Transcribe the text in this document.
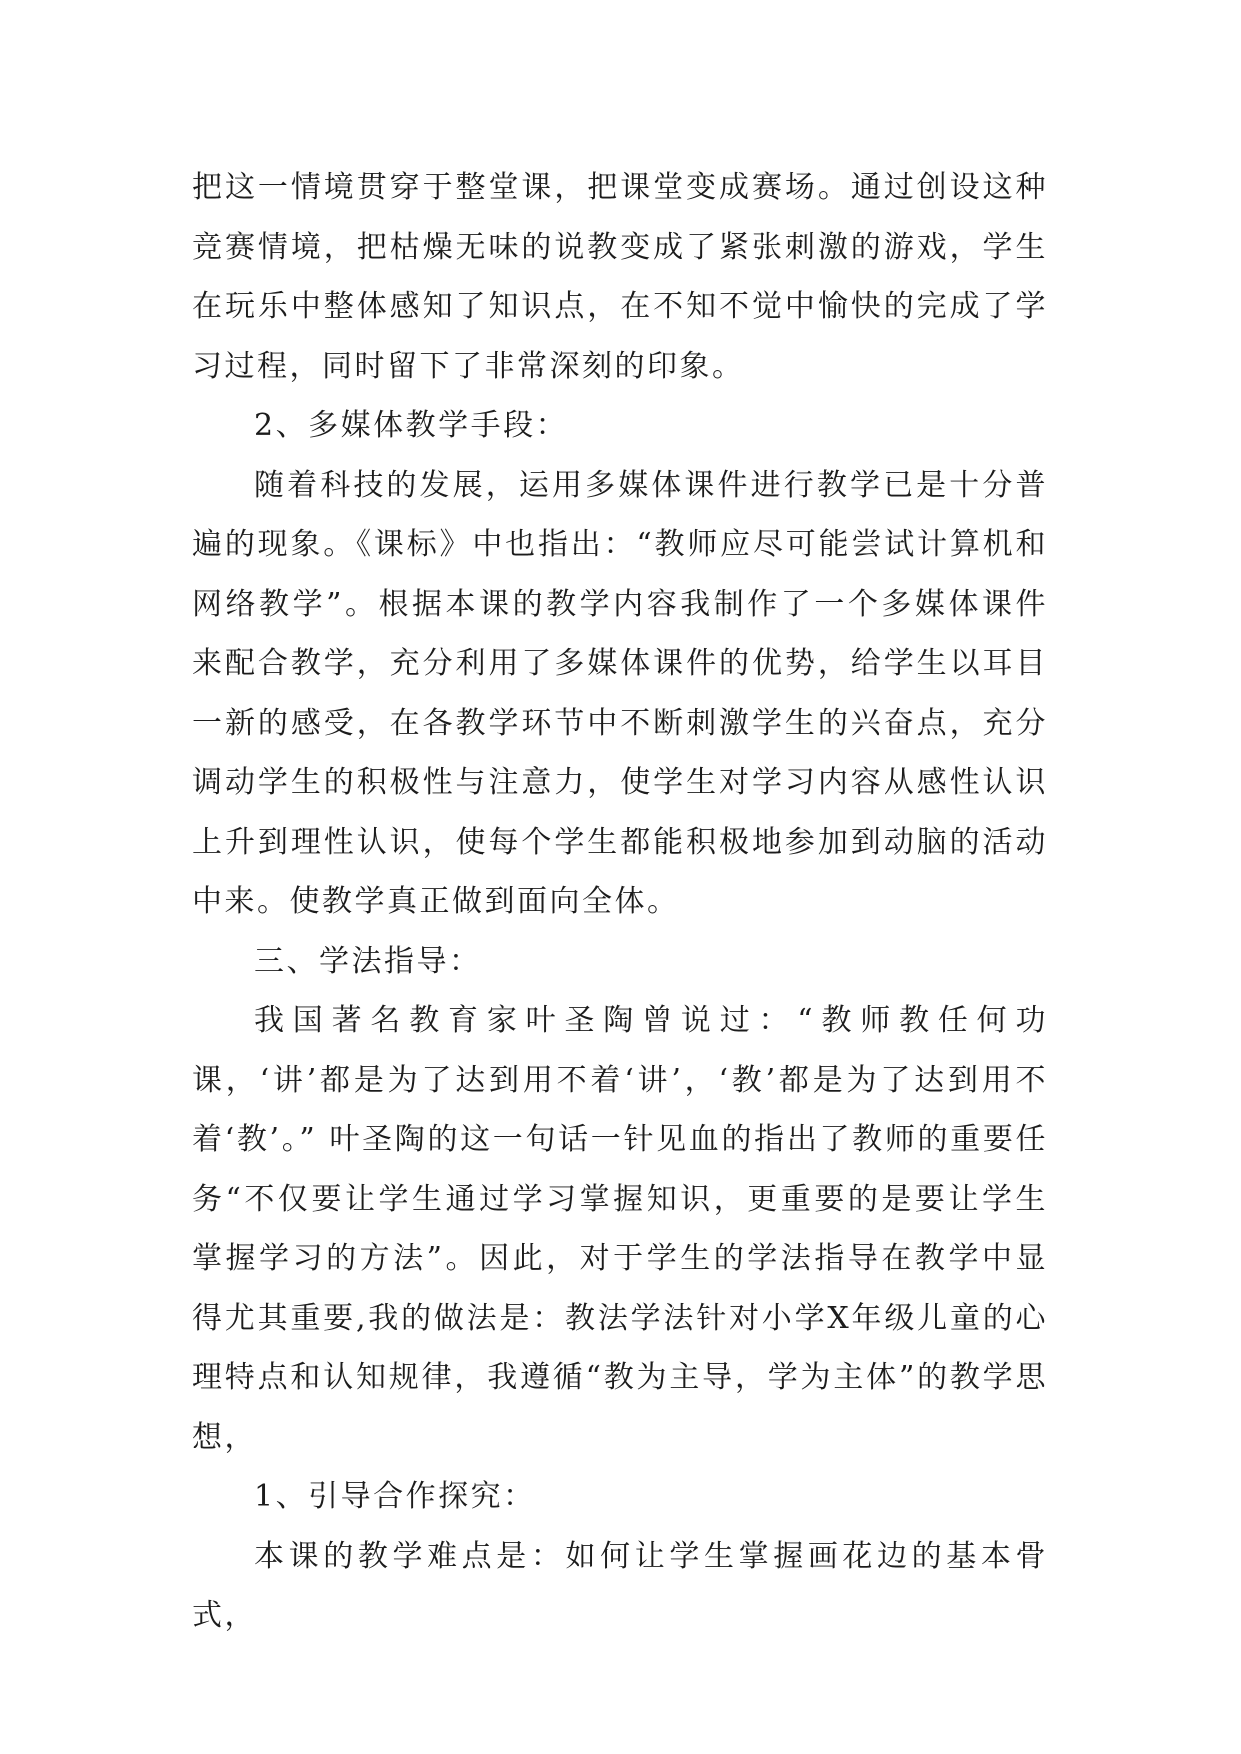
把这一情境贯穿于整堂课，把课堂变成赛场。通过创设这种竞赛情境，把枯燥无味的说教变成了紧张刺激的游戏，学生在玩乐中整体感知了知识点，在不知不觉中愉快的完成了学习过程，同时留下了非常深刻的印象。

2、多媒体教学手段：

随着科技的发展，运用多媒体课件进行教学已是十分普遍的现象。《课标》中也指出：“教师应尽可能尝试计算机和网络教学”。根据本课的教学内容我制作了一个多媒体课件来配合教学，充分利用了多媒体课件的优势，给学生以耳目一新的感受，在各教学环节中不断刺激学生的兴奋点，充分调动学生的积极性与注意力，使学生对学习内容从感性认识上升到理性认识，使每个学生都能积极地参加到动脑的活动中来。使教学真正做到面向全体。

三、学法指导：

我国著名教育家叶圣陶曾说过：“教师教任何功课，‘讲’都是为了达到用不着‘讲’，‘教’都是为了达到用不着‘教’。” 叶圣陶的这一句话一针见血的指出了教师的重要任务“不仅要让学生通过学习掌握知识，更重要的是要让学生掌握学习的方法”。因此，对于学生的学法指导在教学中显得尤其重要,我的做法是：教法学法针对小学X年级儿童的心理特点和认知规律，我遵循“教为主导，学为主体”的教学思想，

1、引导合作探究：

本课的教学难点是：如何让学生掌握画花边的基本骨式，
